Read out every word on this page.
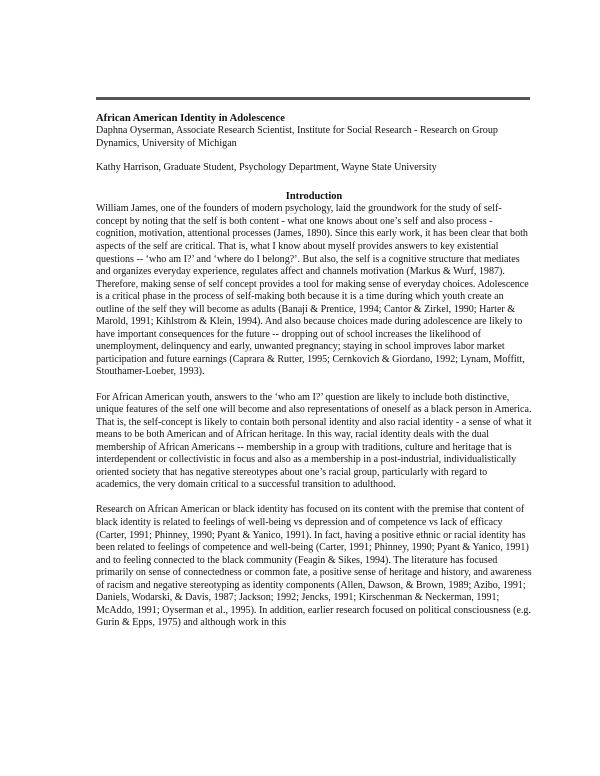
African American Identity in Adolescence

Daphna Oyserman, Associate Research Scientist, Institute for Social Research - Research on Group Dynamics, University of Michigan

Kathy Harrison, Graduate Student, Psychology Department, Wayne State University

Introduction

William James, one of the founders of modern psychology, laid the groundwork for the study of self-concept by noting that the self is both content - what one knows about one’s self and also process - cognition, motivation, attentional processes (James, 1890). Since this early work, it has been clear that both aspects of the self are critical. That is, what I know about myself provides answers to key existential questions -- ‘who am I?’ and ‘where do I belong?’. But also, the self is a cognitive structure that mediates and organizes everyday experience, regulates affect and channels motivation (Markus & Wurf, 1987). Therefore, making sense of self concept provides a tool for making sense of everyday choices. Adolescence is a critical phase in the process of self-making both because it is a time during which youth create an outline of the self they will become as adults (Banaji & Prentice, 1994; Cantor & Zirkel, 1990; Harter & Marold, 1991; Kihlstrom & Klein, 1994). And also because choices made during adolescence are likely to have important consequences for the future -- dropping out of school increases the likelihood of unemployment, delinquency and early, unwanted pregnancy; staying in school improves labor market participation and future earnings (Caprara & Rutter, 1995; Cernkovich & Giordano, 1992; Lynam, Moffitt, Stouthamer-Loeber, 1993).

For African American youth, answers to the ‘who am I?’ question are likely to include both distinctive, unique features of the self one will become and also representations of oneself as a black person in America. That is, the self-concept is likely to contain both personal identity and also racial identity - a sense of what it means to be both American and of African heritage. In this way, racial identity deals with the dual membership of African Americans -- membership in a group with traditions, culture and heritage that is interdependent or collectivistic in focus and also as a membership in a post-industrial, individualistically oriented society that has negative stereotypes about one’s racial group, particularly with regard to academics, the very domain critical to a successful transition to adulthood.

Research on African American or black identity has focused on its content with the premise that content of black identity is related to feelings of well-being vs depression and of competence vs lack of efficacy (Carter, 1991; Phinney, 1990; Pyant & Yanico, 1991). In fact, having a positive ethnic or racial identity has been related to feelings of competence and well-being (Carter, 1991; Phinney, 1990; Pyant & Yanico, 1991) and to feeling connected to the black community (Feagin & Sikes, 1994). The literature has focused primarily on sense of connectedness or common fate, a positive sense of heritage and history, and awareness of racism and negative stereotyping as identity components (Allen, Dawson, & Brown, 1989; Azibo, 1991; Daniels, Wodarski, & Davis, 1987; Jackson; 1992; Jencks, 1991; Kirschenman & Neckerman, 1991; McAddo, 1991; Oyserman et al., 1995). In addition, earlier research focused on political consciousness (e.g. Gurin & Epps, 1975) and although work in this
